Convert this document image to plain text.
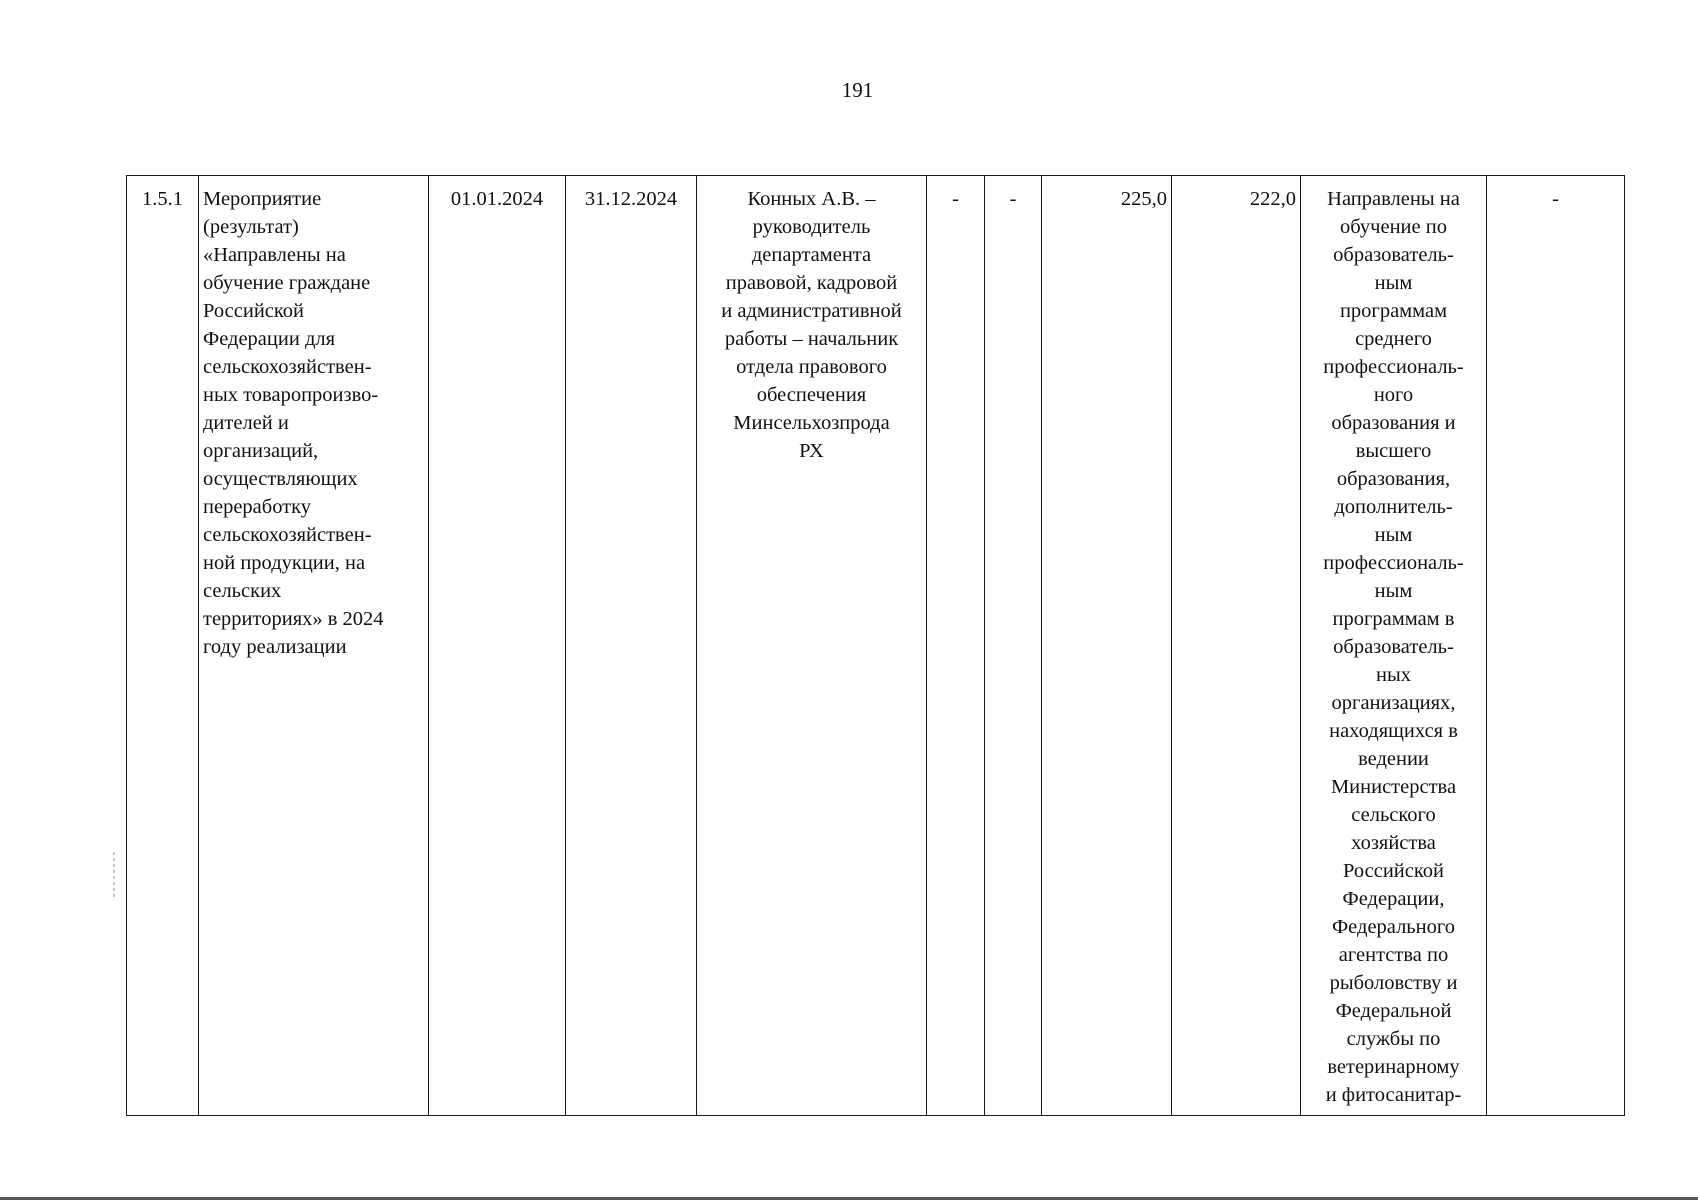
191
1.5.1	Мероприятие
(результат)
«Направлены на
обучение граждане
Российской
Федерации для
сельскохозяйствен-
ных товаропроизво-
дителей и
организаций,
осуществляющих
переработку
сельскохозяйствен-
ной продукции, на
сельских
территориях» в 2024
году реализации
	01.01.2024	31.12.2024	Конных А.В. –
руководитель
департамента
правовой, кадровой
и административной
работы – начальник
отдела правового
обеспечения
Минсельхозпрода
РХ
	-	-	225,0	222,0	Направлены на
обучение по
образователь-
ным
программам
среднего
профессиональ-
ного
образования и
высшего
образования,
дополнитель-
ным
профессиональ-
ным
программам в
образователь-
ных
организациях,
находящихся в
ведении
Министерства
сельского
хозяйства
Российской
Федерации,
Федерального
агентства по
рыболовству и
Федеральной
службы по
ветеринарному
и фитосанитар-
	-
